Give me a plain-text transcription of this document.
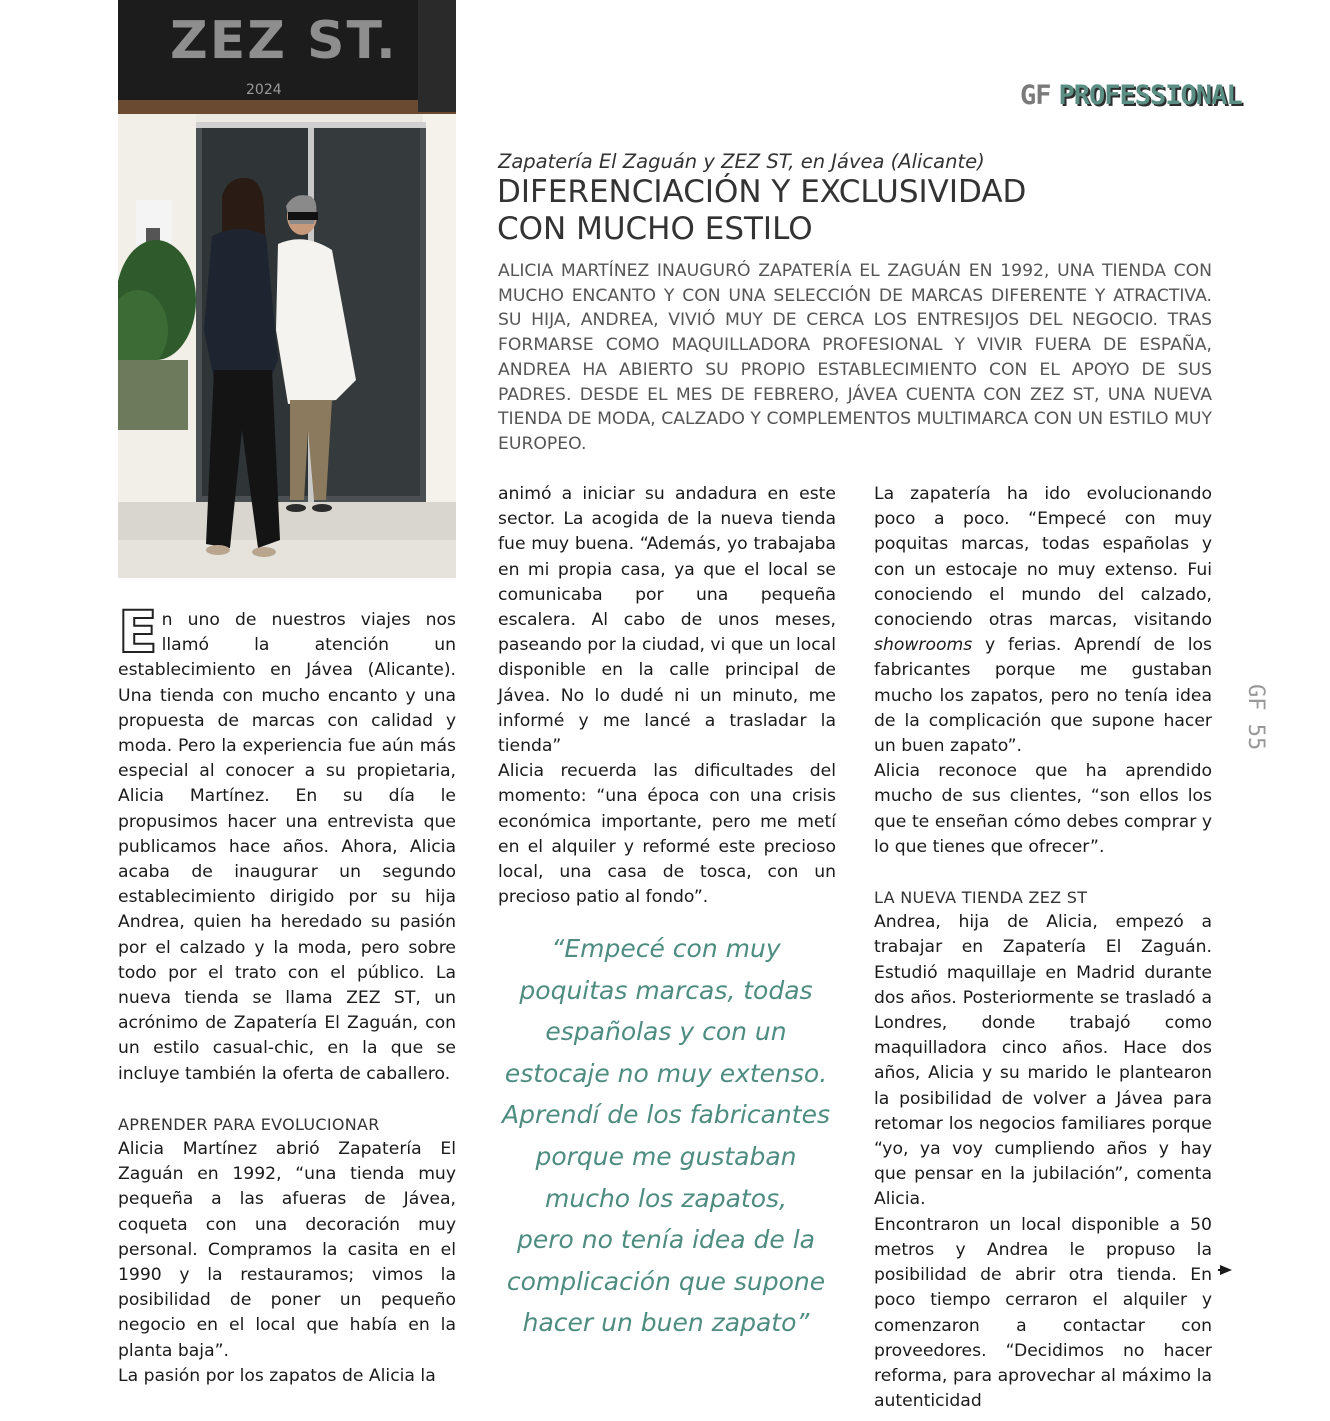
GF PROFESSIONAL
ZEZ ST.
2024
Zapatería El Zaguán y ZEZ ST, en Jávea (Alicante)
DIFERENCIACIÓN Y EXCLUSIVIDAD
CON MUCHO ESTILO
ALICIA MARTÍNEZ INAUGURÓ ZAPATERÍA EL ZAGUÁN EN 1992, UNA TIENDA CON MUCHO ENCANTO Y CON UNA SELECCIÓN DE MARCAS DIFERENTE Y ATRACTIVA. SU HIJA, ANDREA, VIVIÓ MUY DE CERCA LOS ENTRESIJOS DEL NEGOCIO. TRAS FORMARSE COMO MAQUILLADORA PROFESIONAL Y VIVIR FUERA DE ESPAÑA, ANDREA HA ABIERTO SU PROPIO ESTABLECIMIENTO CON EL APOYO DE SUS PADRES. DESDE EL MES DE FEBRERO, JÁVEA CUENTA CON ZEZ ST, UNA NUEVA TIENDA DE MODA, CALZADO Y COMPLEMENTOS MULTIMARCA CON UN ESTILO MUY EUROPEO.

En uno de nuestros viajes nos llamó la atención un establecimiento en Jávea (Alicante). Una tienda con mucho encanto y una propuesta de marcas con calidad y moda. Pero la experiencia fue aún más especial al conocer a su propietaria, Alicia Martínez. En su día le propusimos hacer una entrevista que publicamos hace años. Ahora, Alicia acaba de inaugurar un segundo establecimiento dirigido por su hija Andrea, quien ha heredado su pasión por el calzado y la moda, pero sobre todo por el trato con el público. La nueva tienda se llama ZEZ ST, un acrónimo de Zapatería El Zaguán, con un estilo casual-chic, en la que se incluye también la oferta de caballero.

APRENDER PARA EVOLUCIONAR

Alicia Martínez abrió Zapatería El Zaguán en 1992, “una tienda muy pequeña a las afueras de Jávea, coqueta con una decoración muy personal. Compramos la casita en el 1990 y la restauramos; vimos la posibilidad de poner un pequeño negocio en el local que había en la planta baja”.

La pasión por los zapatos de Alicia la

animó a iniciar su andadura en este sector. La acogida de la nueva tienda fue muy buena. “Además, yo trabajaba en mi propia casa, ya que el local se comunicaba por una pequeña escalera. Al cabo de unos meses, paseando por la ciudad, vi que un local disponible en la calle principal de Jávea. No lo dudé ni un minuto, me informé y me lancé a trasladar la tienda”

Alicia recuerda las dificultades del momento: “una época con una crisis económica importante, pero me metí en el alquiler y reformé este precioso local, una casa de tosca, con un precioso patio al fondo”.

“Empecé con muy
poquitas marcas, todas
españolas y con un
estocaje no muy extenso.
Aprendí de los fabricantes
porque me gustaban
mucho los zapatos,
pero no tenía idea de la
complicación que supone
hacer un buen zapato”

La zapatería ha ido evolucionando poco a poco. “Empecé con muy poquitas marcas, todas españolas y con un estocaje no muy extenso. Fui conociendo el mundo del calzado, conociendo otras marcas, visitando showrooms y ferias. Aprendí de los fabricantes porque me gustaban mucho los zapatos, pero no tenía idea de la complicación que supone hacer un buen zapato”.

Alicia reconoce que ha aprendido mucho de sus clientes, “son ellos los que te enseñan cómo debes comprar y lo que tienes que ofrecer”.

LA NUEVA TIENDA ZEZ ST

Andrea, hija de Alicia, empezó a trabajar en Zapatería El Zaguán. Estudió maquillaje en Madrid durante dos años. Posteriormente se trasladó a Londres, donde trabajó como maquilladora cinco años. Hace dos años, Alicia y su marido le plantearon la posibilidad de volver a Jávea para retomar los negocios familiares porque “yo, ya voy cumpliendo años y hay que pensar en la jubilación”, comenta Alicia.

Encontraron un local disponible a 50 metros y Andrea le propuso la posibilidad de abrir otra tienda. En poco tiempo cerraron el alquiler y comenzaron a contactar con proveedores. “Decidimos no hacer reforma, para aprovechar al máximo la autenticidad

GF 55
